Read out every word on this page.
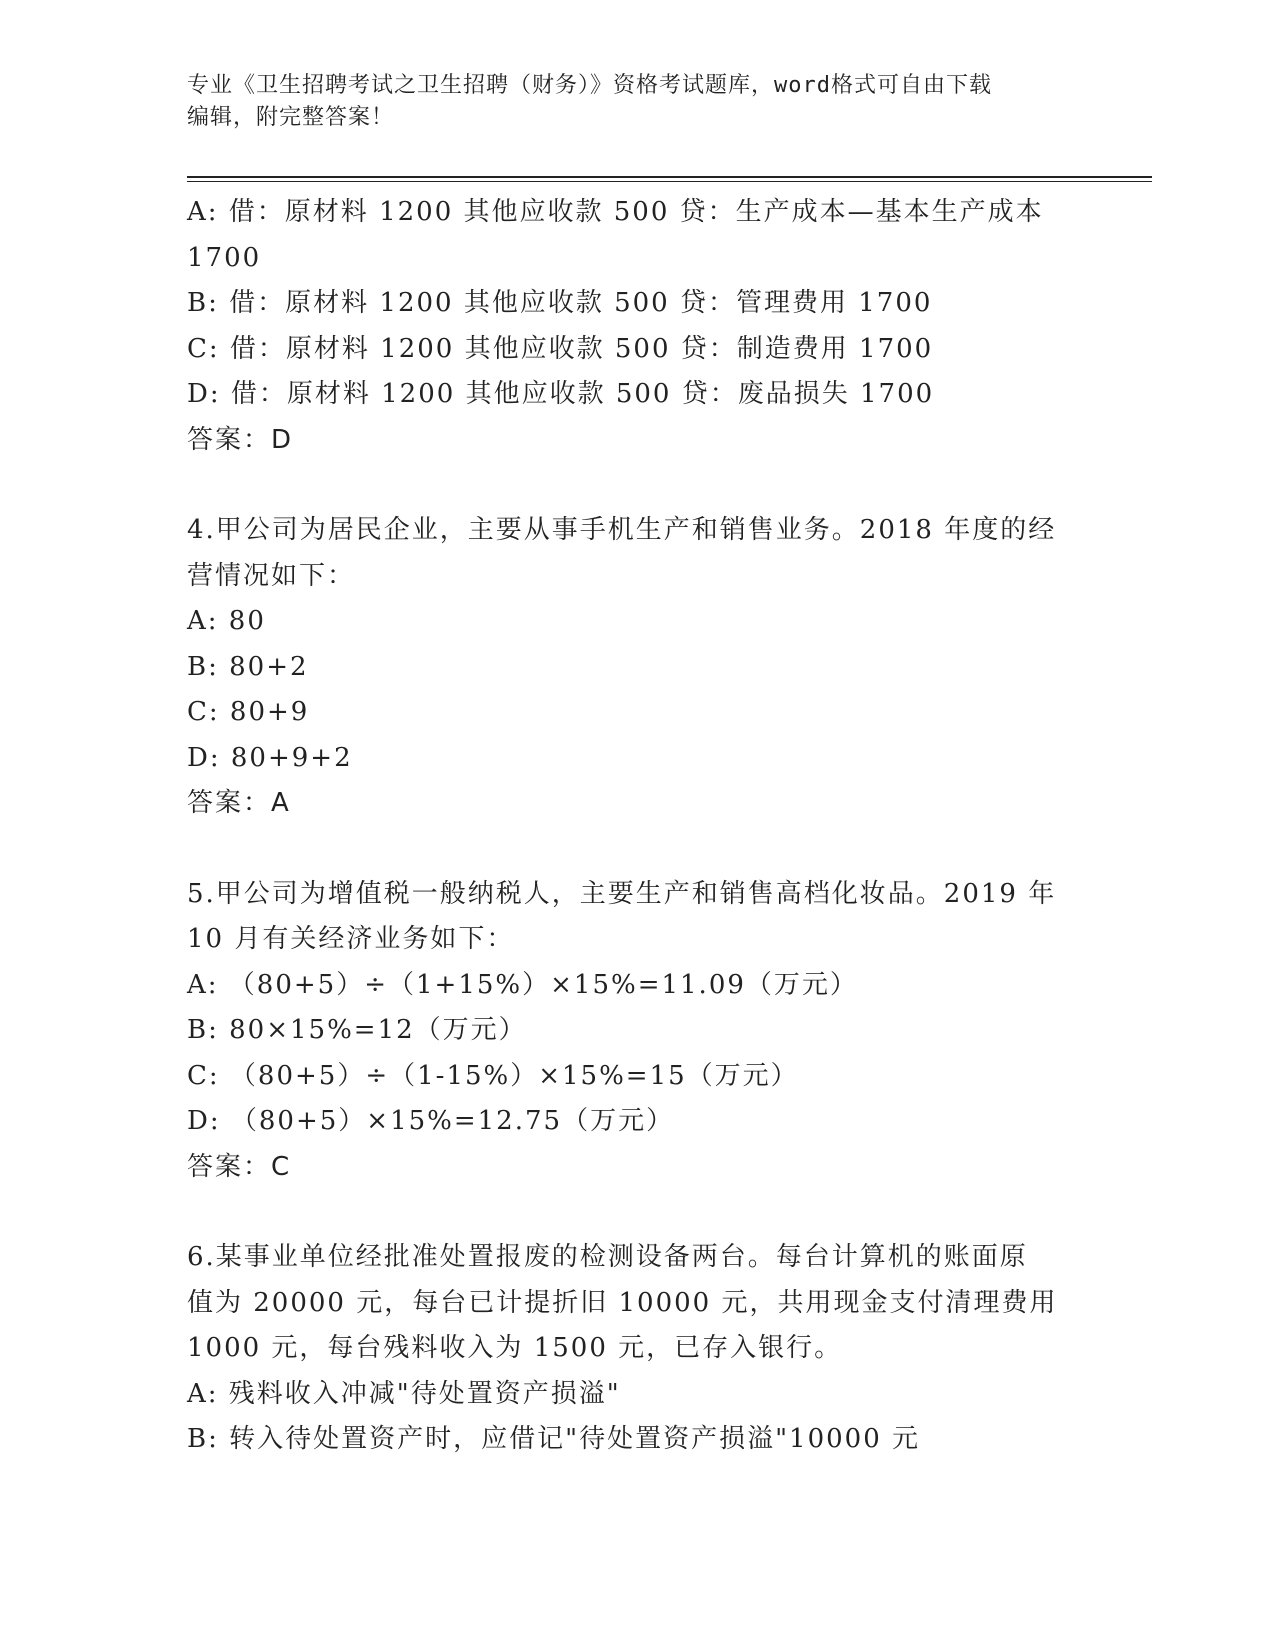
专业《卫生招聘考试之卫生招聘（财务）》资格考试题库，word格式可自由下载
编辑，附完整答案！
A: 借：原材料 1200 其他应收款 500 贷：生产成本—基本生产成本
1700
B: 借：原材料 1200 其他应收款 500 贷：管理费用 1700
C: 借：原材料 1200 其他应收款 500 贷：制造费用 1700
D: 借：原材料 1200 其他应收款 500 贷：废品损失 1700
答案：D
4.甲公司为居民企业，主要从事手机生产和销售业务。2018 年度的经
营情况如下：
A: 80
B: 80+2
C: 80+9
D: 80+9+2
答案：A
5.甲公司为增值税一般纳税人，主要生产和销售高档化妆品。2019 年
10 月有关经济业务如下：
A: （80+5）÷（1+15%）×15%=11.09（万元）
B: 80×15%=12（万元）
C: （80+5）÷（1-15%）×15%=15（万元）
D: （80+5）×15%=12.75（万元）
答案：C
6.某事业单位经批准处置报废的检测设备两台。每台计算机的账面原
值为 20000 元，每台已计提折旧 10000 元，共用现金支付清理费用
1000 元，每台残料收入为 1500 元，已存入银行。
A: 残料收入冲减"待处置资产损溢"
B: 转入待处置资产时，应借记"待处置资产损溢"10000 元
